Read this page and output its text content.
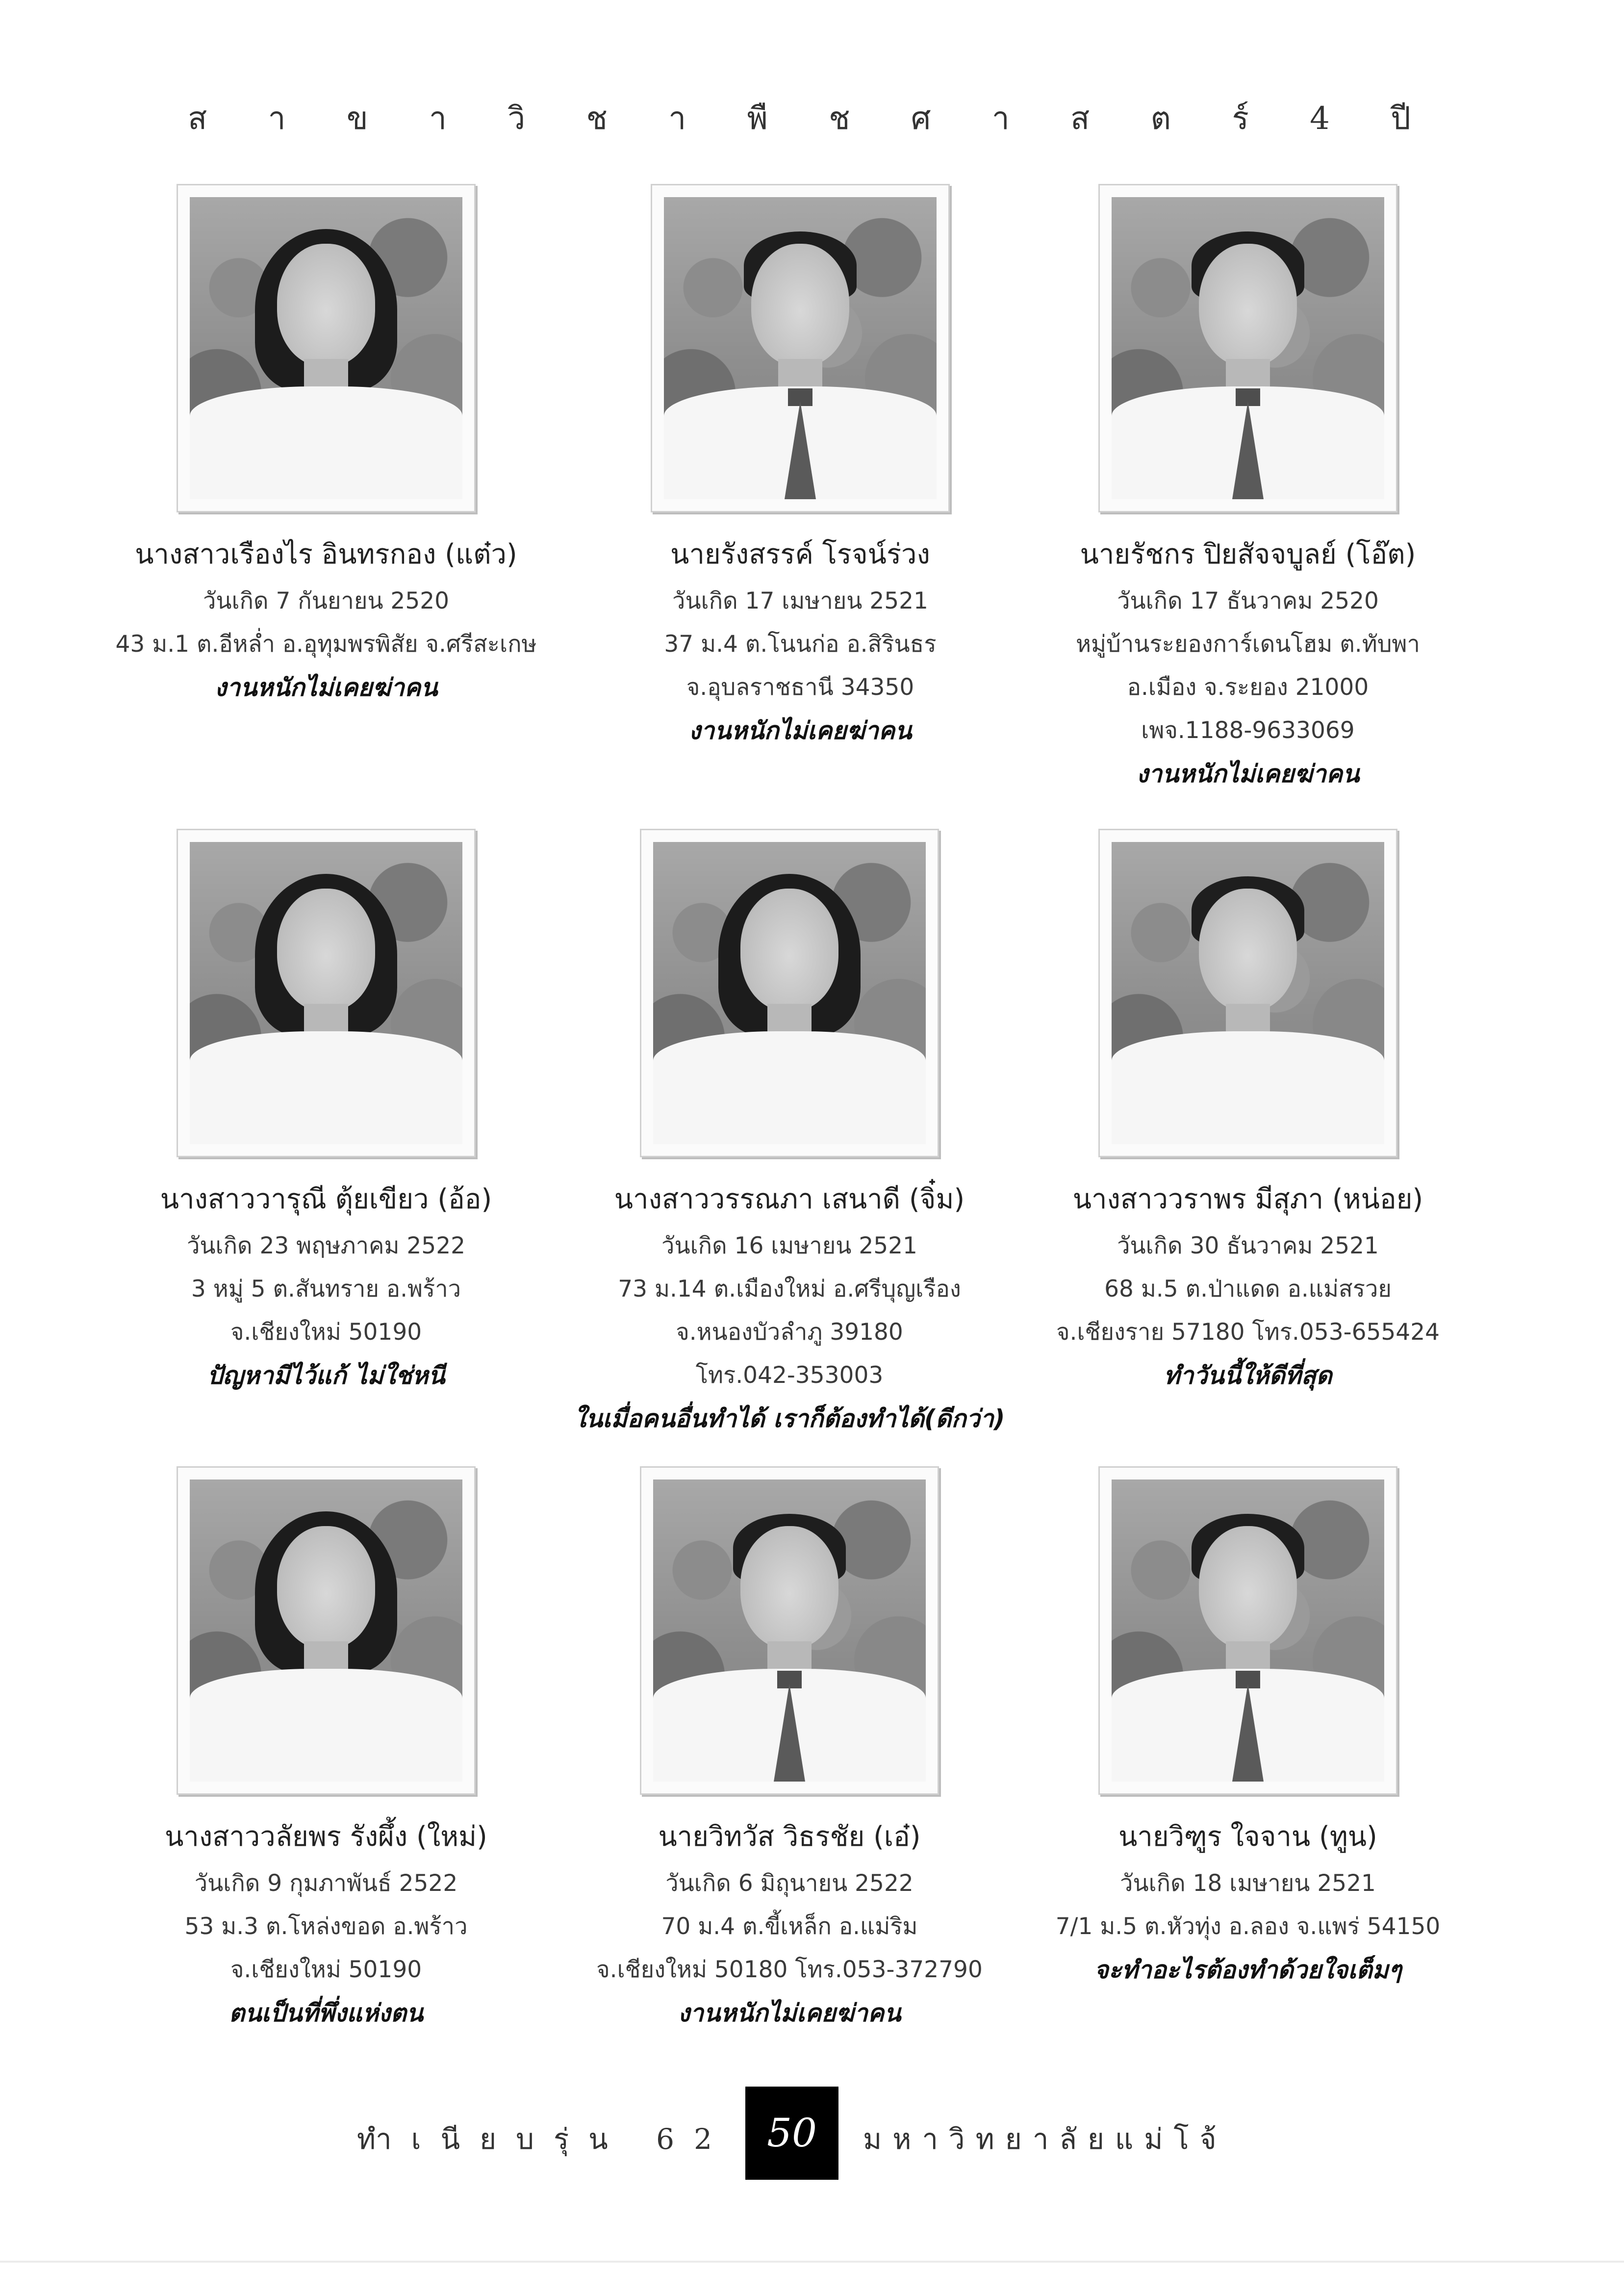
ส า ข า วิ ช า พื ช ศ า ส ต ร์ 4 ปี
นางสาวเรืองไร อินทรกอง (แต๋ว)
วันเกิด 7 กันยายน 2520
43 ม.1 ต.อีหล่ำ อ.อุทุมพรพิสัย จ.ศรีสะเกษ
งานหนักไม่เคยฆ่าคน
นายรังสรรค์ โรจน์ร่วง
วันเกิด 17 เมษายน 2521
37 ม.4 ต.โนนก่อ อ.สิรินธร
จ.อุบลราชธานี 34350
งานหนักไม่เคยฆ่าคน
นายรัชกร ปิยสัจจบูลย์ (โอ๊ต)
วันเกิด 17 ธันวาคม 2520
หมู่บ้านระยองการ์เดนโฮม ต.ทับพา
อ.เมือง จ.ระยอง 21000
เพจ.1188-9633069
งานหนักไม่เคยฆ่าคน
นางสาววารุณี ตุ้ยเขียว (อ้อ)
วันเกิด 23 พฤษภาคม 2522
3 หมู่ 5 ต.สันทราย อ.พร้าว
จ.เชียงใหม่ 50190
ปัญหามีไว้แก้ ไม่ใช่หนี
นางสาววรรณภา เสนาดี (จิ๋ม)
วันเกิด 16 เมษายน 2521
73 ม.14 ต.เมืองใหม่ อ.ศรีบุญเรือง
จ.หนองบัวลำภู 39180
โทร.042-353003
ในเมื่อคนอื่นทำได้ เราก็ต้องทำได้(ดีกว่า)
นางสาววราพร มีสุภา (หน่อย)
วันเกิด 30 ธันวาคม 2521
68 ม.5 ต.ป่าแดด อ.แม่สรวย
จ.เชียงราย 57180 โทร.053-655424
ทำวันนี้ให้ดีที่สุด
นางสาววลัยพร รังผึ้ง (ใหม่)
วันเกิด 9 กุมภาพันธ์ 2522
53 ม.3 ต.โหล่งขอด อ.พร้าว
จ.เชียงใหม่ 50190
ตนเป็นที่พึ่งแห่งตน
นายวิทวัส วิธรชัย (เอ๋)
วันเกิด 6 มิถุนายน 2522
70 ม.4 ต.ขี้เหล็ก อ.แม่ริม
จ.เชียงใหม่ 50180 โทร.053-372790
งานหนักไม่เคยฆ่าคน
นายวิฑูร ใจจาน (ทูน)
วันเกิด 18 เมษายน 2521
7/1 ม.5 ต.หัวทุ่ง อ.ลอง จ.แพร่ 54150
จะทำอะไรต้องทำด้วยใจเต็มๆ
ทำเนียบรุ่น 62 50	มหาวิทยาลัยแม่โจ้
